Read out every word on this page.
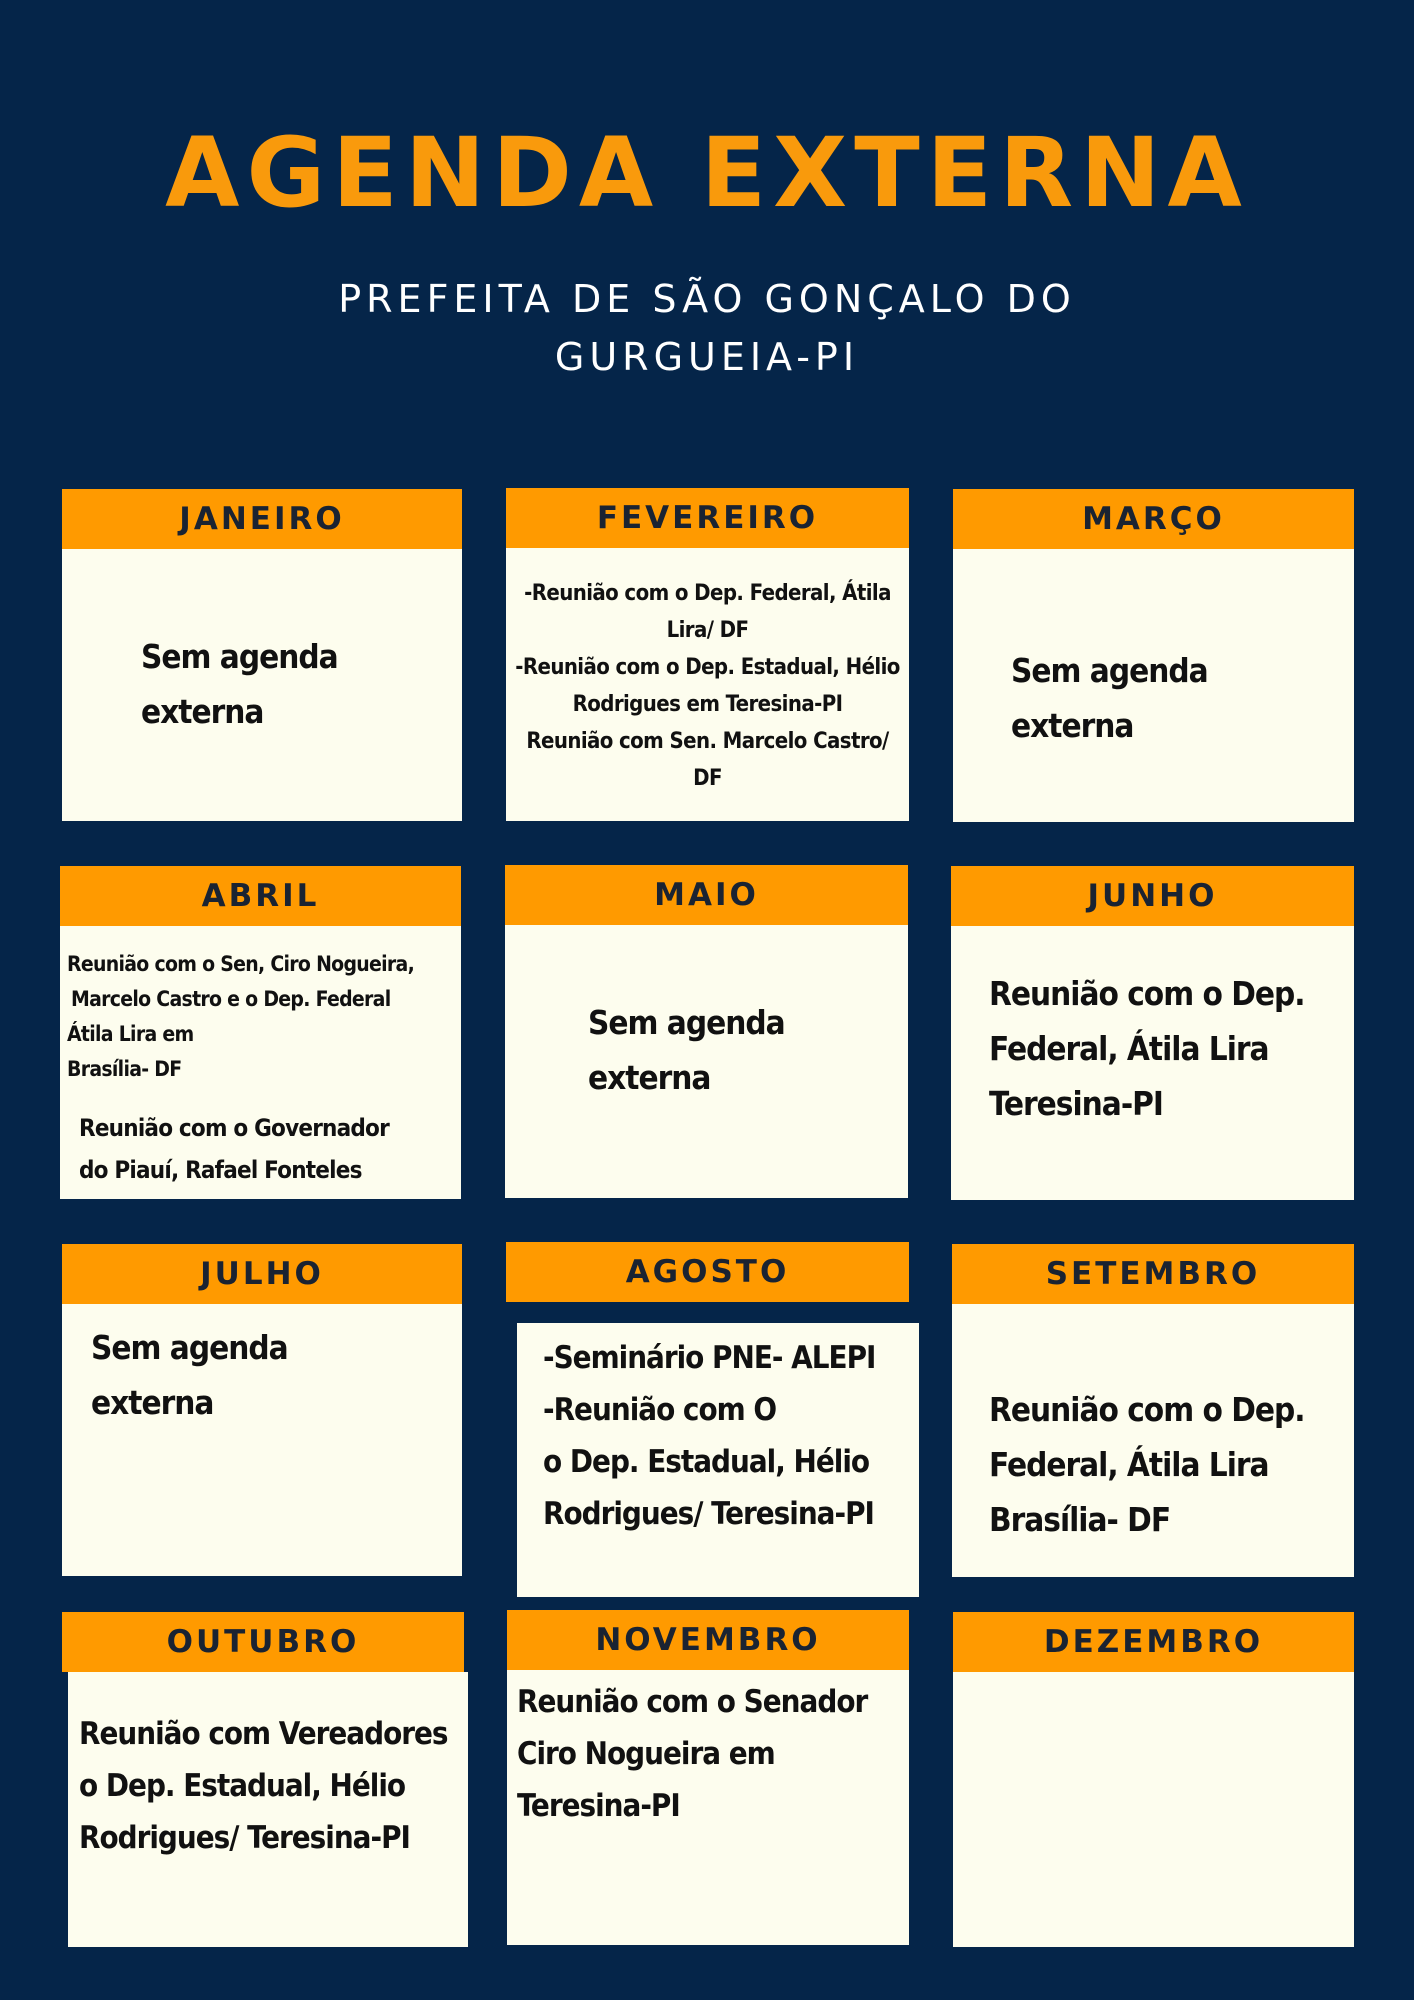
AGENDA EXTERNA
PREFEITA DE SÃO GONÇALO DO
GURGUEIA-PI
JANEIRO
Sem agenda
externa
FEVEREIRO
-Reunião com o Dep. Federal, Átila
Lira/ DF
-Reunião com o Dep. Estadual, Hélio
Rodrigues em Teresina-PI
Reunião com Sen. Marcelo Castro/
DF
MARÇO
Sem agenda
externa
ABRIL
Reunião com o Sen, Ciro Nogueira,
Marcelo Castro e o Dep. Federal
Átila Lira em
Brasília- DF
Reunião com o Governador
do Piauí, Rafael Fonteles
MAIO
Sem agenda
externa
JUNHO
Reunião com o Dep.
Federal, Átila Lira
Teresina-PI
JULHO
Sem agenda
externa
AGOSTO
-Seminário PNE- ALEPI
-Reunião com O
o Dep. Estadual, Hélio
Rodrigues/ Teresina-PI
SETEMBRO
Reunião com o Dep.
Federal, Átila Lira
Brasília- DF
OUTUBRO
Reunião com Vereadores
o Dep. Estadual, Hélio
Rodrigues/ Teresina-PI
NOVEMBRO
Reunião com o Senador
Ciro Nogueira em
Teresina-PI
DEZEMBRO
